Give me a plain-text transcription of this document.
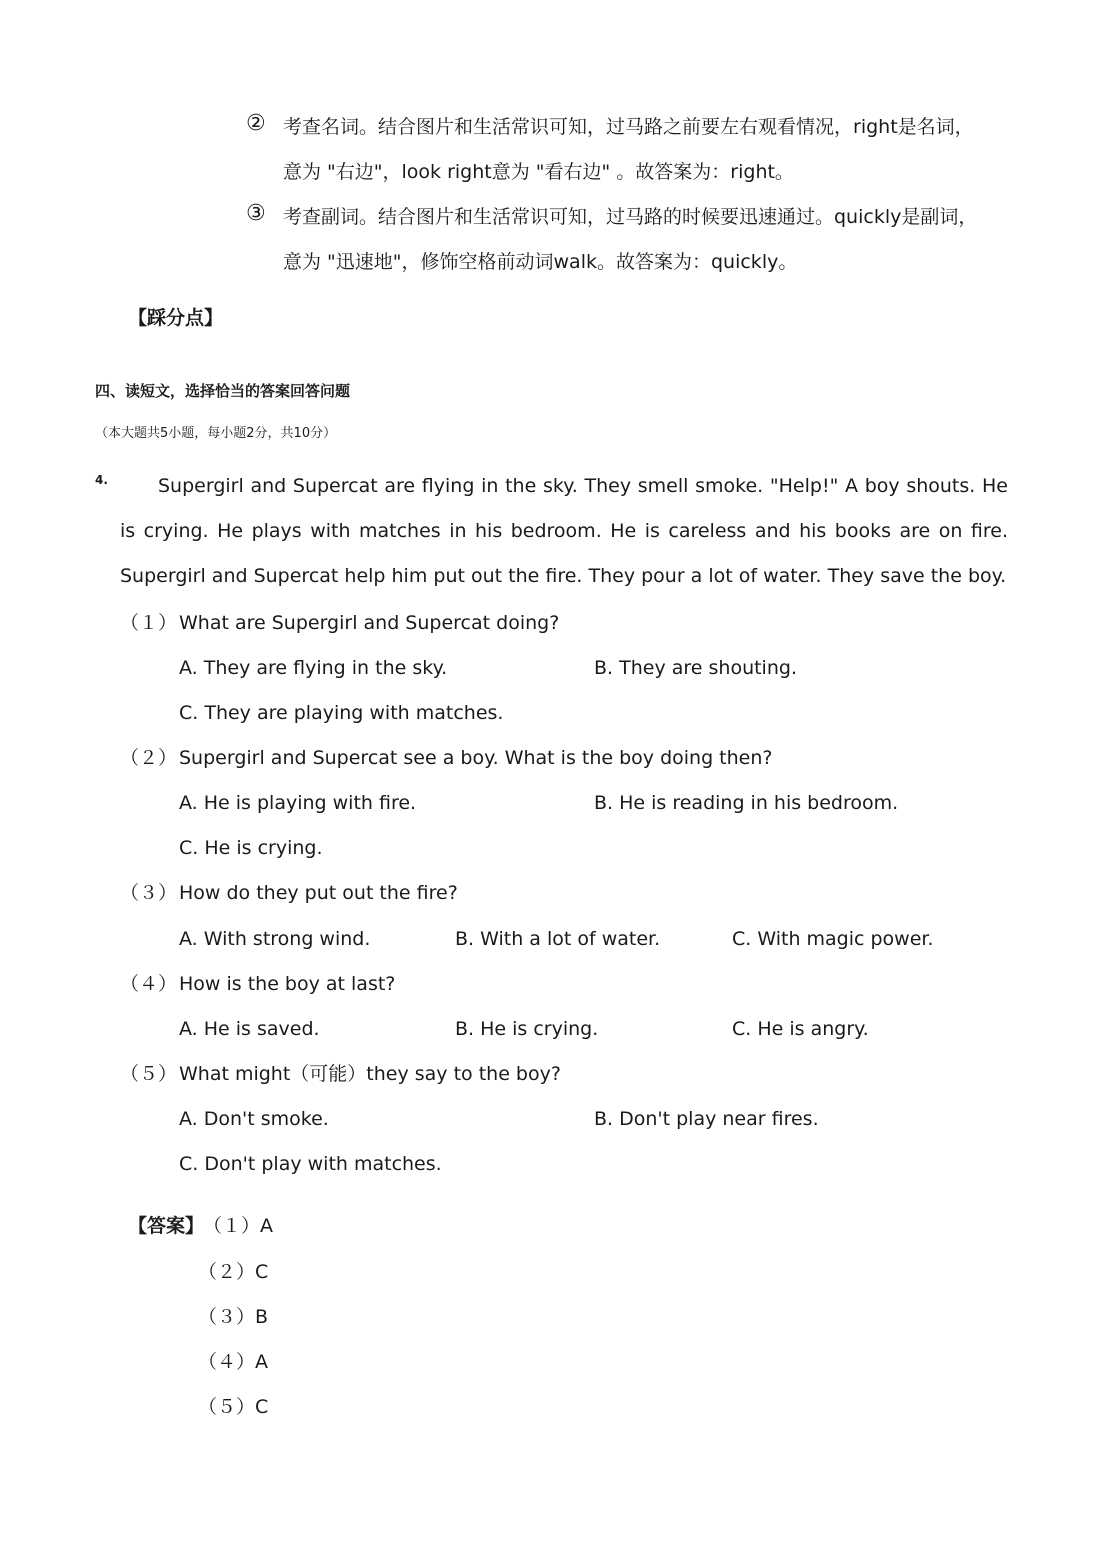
② 考查名词。结合图片和生活常识可知，过马路之前要左右观看情况，right是名词，
意为 "右边"，look right意为 "看右边" 。故答案为：right。
③ 考查副词。结合图片和生活常识可知，过马路的时候要迅速通过。quickly是副词，
意为 "迅速地"，修饰空格前动词walk。故答案为：quickly。
【踩分点】
四、读短文，选择恰当的答案回答问题
（本大题共5小题，每小题2分，共10分）
4.	Supergirl and Supercat are flying in the sky. They smell smoke. "Help!" A boy shouts. He is crying. He plays with matches in his bedroom. He is careless and his books are on fire. Supergirl and Supercat help him put out the fire. They pour a lot of water. They save the boy.
（１） What are Supergirl and Supercat doing?
A. They are flying in the sky.	B. They are shouting.
C. They are playing with matches.
（２） Supergirl and Supercat see a boy. What is the boy doing then?
A. He is playing with fire.	B. He is reading in his bedroom.
C. He is crying.
（３） How do they put out the fire?
A. With strong wind.	B. With a lot of water.	C. With magic power.
（４） How is the boy at last?
A. He is saved.	B. He is crying.	C. He is angry.
（５） What might（可能）they say to the boy?
A. Don't smoke.	B. Don't play near fires.
C. Don't play with matches.
【答案】
（１）A
（２）C
（３）B
（４）A
（５）C
